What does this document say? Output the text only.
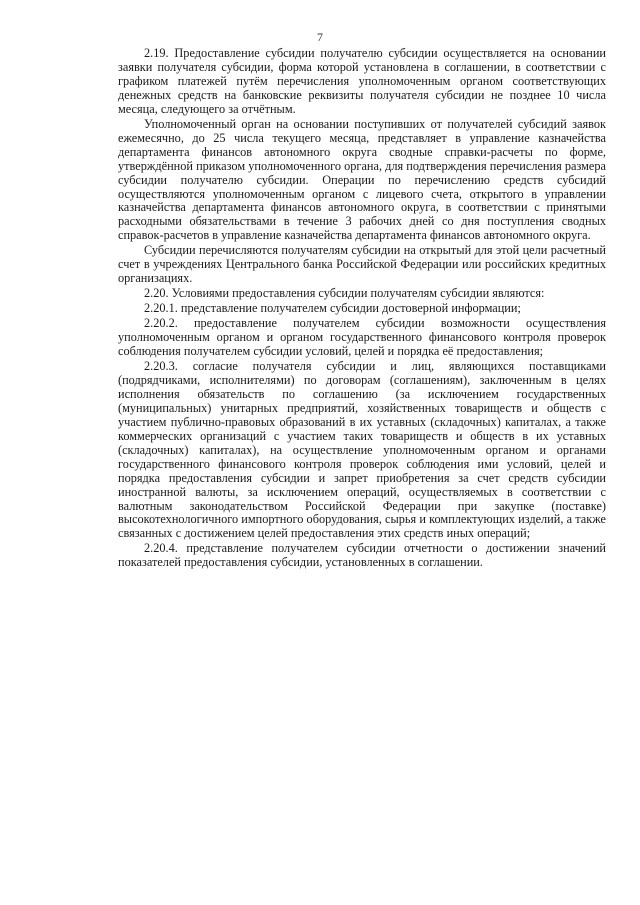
7

2.19. Предоставление субсидии получателю субсидии осуществляется на основании заявки получателя субсидии, форма которой установлена в соглашении, в соответствии с графиком платежей путём перечисления уполномоченным органом соответствующих денежных средств на банковские реквизиты получателя субсидии не позднее 10 числа месяца, следующего за отчётным.

Уполномоченный орган на основании поступивших от получателей субсидий заявок ежемесячно, до 25 числа текущего месяца, представляет в управление казначейства департамента финансов автономного округа сводные справки-расчеты по форме, утверждённой приказом уполномоченного органа, для подтверждения перечисления размера субсидии получателю субсидии. Операции по перечислению средств субсидий осуществляются уполномоченным органом с лицевого счета, открытого в управлении казначейства департамента финансов автономного округа, в соответствии с принятыми расходными обязательствами в течение 3 рабочих дней со дня поступления сводных справок-расчетов в управление казначейства департамента финансов автономного округа.

Субсидии перечисляются получателям субсидии на открытый для этой цели расчетный счет в учреждениях Центрального банка Российской Федерации или российских кредитных организациях.

2.20. Условиями предоставления субсидии получателям субсидии являются:

2.20.1. представление получателем субсидии достоверной информации;

2.20.2. предоставление получателем субсидии возможности осуществления уполномоченным органом и органом государственного финансового контроля проверок соблюдения получателем субсидии условий, целей и порядка её предоставления;

2.20.3. согласие получателя субсидии и лиц, являющихся поставщиками (подрядчиками, исполнителями) по договорам (соглашениям), заключенным в целях исполнения обязательств по соглашению (за исключением государственных (муниципальных) унитарных предприятий, хозяйственных товариществ и обществ с участием публично-правовых образований в их уставных (складочных) капиталах, а также коммерческих организаций с участием таких товариществ и обществ в их уставных (складочных) капиталах), на осуществление уполномоченным органом и органами государственного финансового контроля проверок соблюдения ими условий, целей и порядка предоставления субсидии и запрет приобретения за счет средств субсидии иностранной валюты, за исключением операций, осуществляемых в соответствии с валютным законодательством Российской Федерации при закупке (поставке) высокотехнологичного импортного оборудования, сырья и комплектующих изделий, а также связанных с достижением целей предоставления этих средств иных операций;

2.20.4. представление получателем субсидии отчетности о достижении значений показателей предоставления субсидии, установленных в соглашении.
